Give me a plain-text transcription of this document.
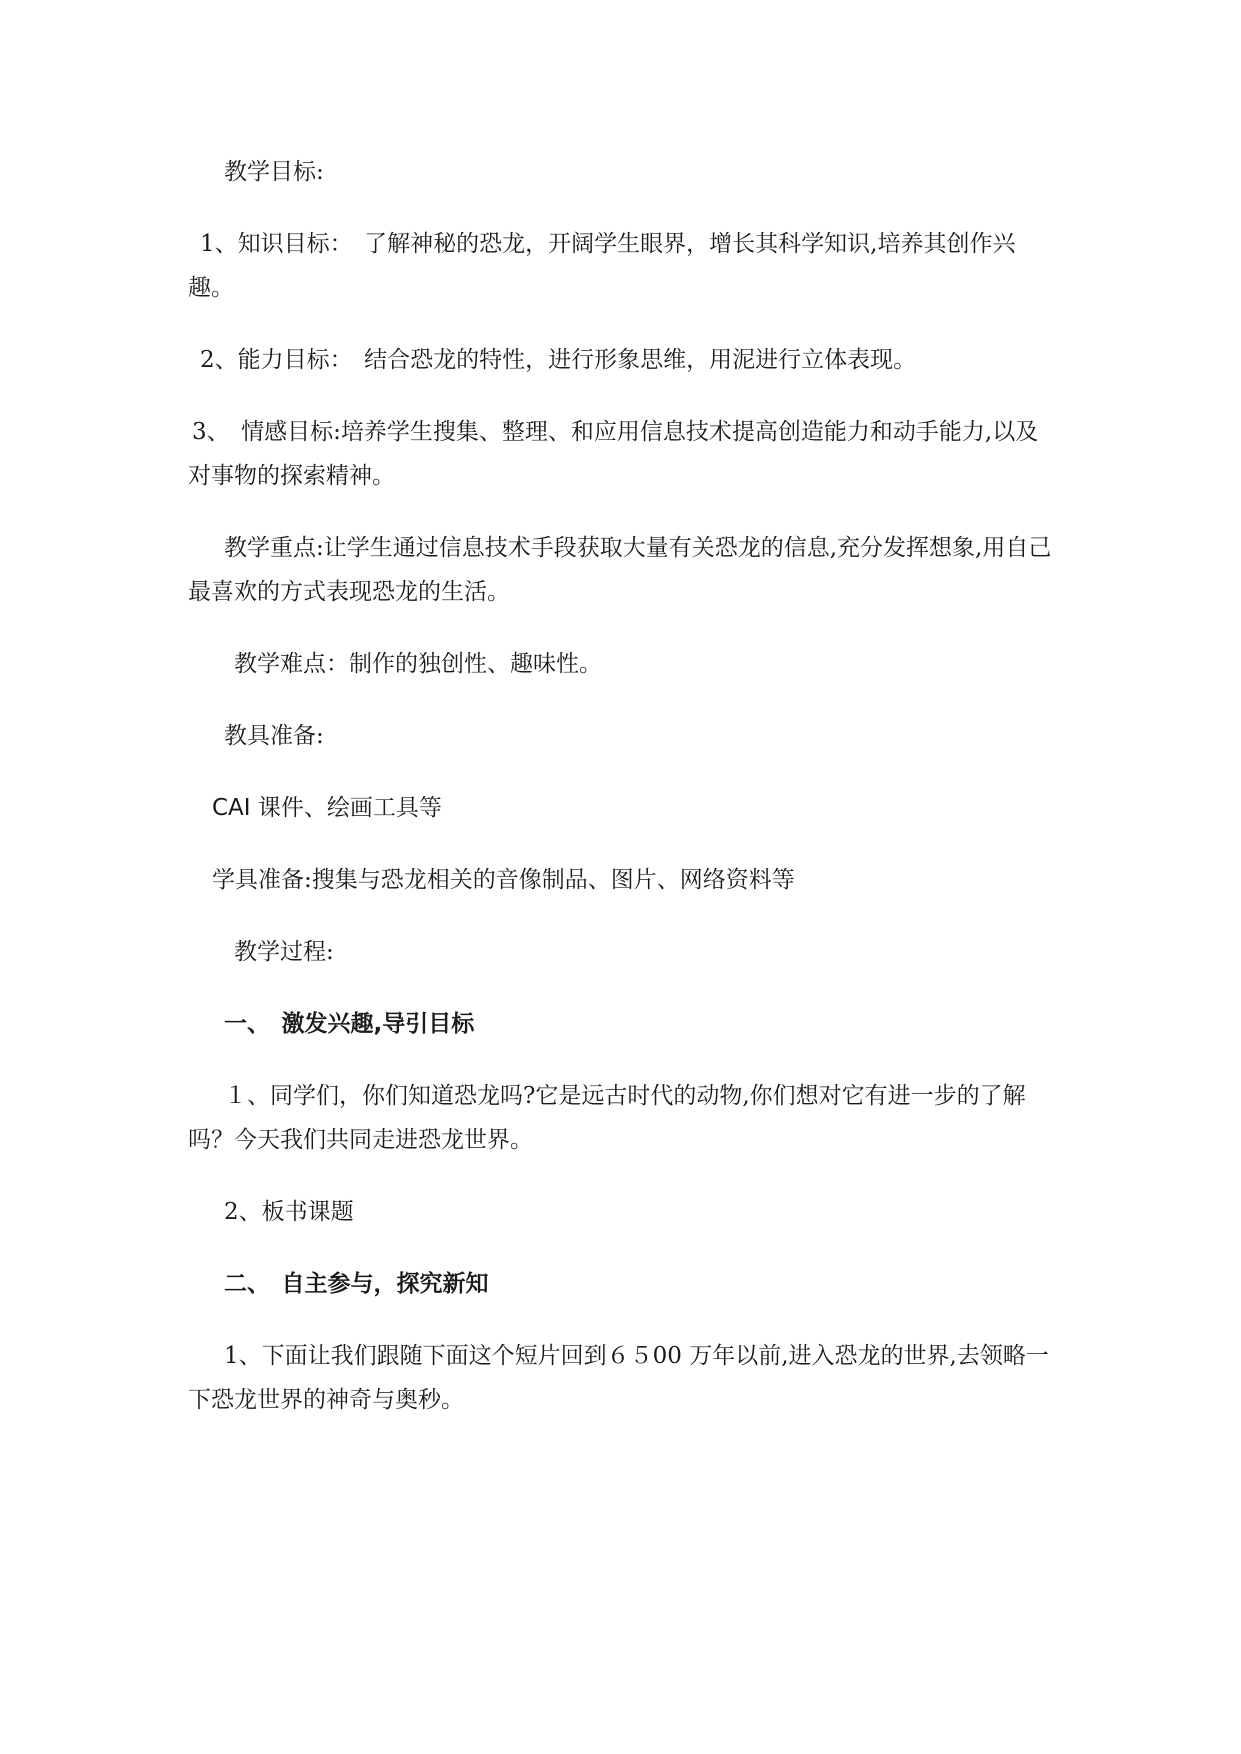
教学目标:

1、知识目标：　了解神秘的恐龙，开阔学生眼界，增长其科学知识,培养其创作兴趣。

2、能力目标：　结合恐龙的特性，进行形象思维，用泥进行立体表现。

3、　情感目标:培养学生搜集、整理、和应用信息技术提高创造能力和动手能力,以及对事物的探索精神。

教学重点:让学生通过信息技术手段获取大量有关恐龙的信息,充分发挥想象,用自己最喜欢的方式表现恐龙的生活。

教学难点：制作的独创性、趣味性。

教具准备:

CAI 课件、绘画工具等

学具准备:搜集与恐龙相关的音像制品、图片、网络资料等

教学过程:

一、　激发兴趣,导引目标

１、同学们，你们知道恐龙吗?它是远古时代的动物,你们想对它有进一步的了解吗？今天我们共同走进恐龙世界。

2、板书课题

二、　自主参与，探究新知

1、下面让我们跟随下面这个短片回到６５00 万年以前,进入恐龙的世界,去领略一下恐龙世界的神奇与奥秒。
